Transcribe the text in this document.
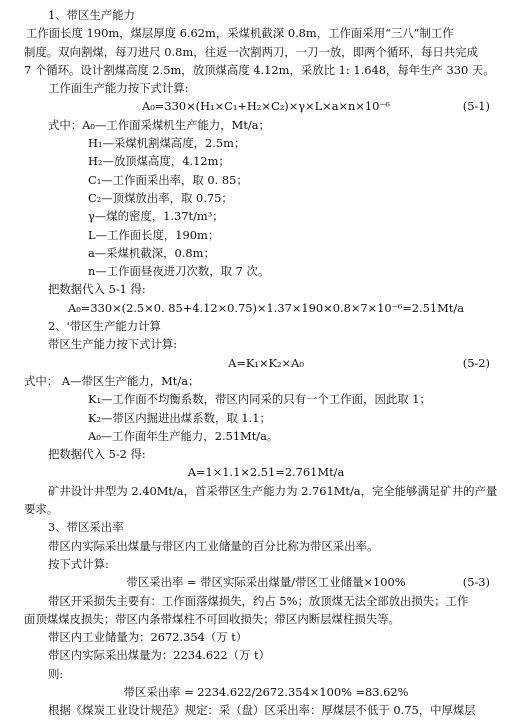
1、带区生产能力
工作面长度 190m，煤层厚度 6.62m，采煤机截深 0.8m，工作面采用“三八”制工作
制度。双向割煤，每刀进尺 0.8m，往返一次割两刀，一刀一放，即两个循环，每日共完成
7 个循环。设计割煤高度 2.5m，放顶煤高度 4.12m，采放比 1: 1.648，每年生产 330 天。
工作面生产能力按下式计算:
A₀=330×(H₁×C₁+H₂×C₂)×γ×L×a×n×10⁻⁶	(5-1)
式中：A₀—工作面采煤机生产能力，Mt/a；
H₁—采煤机割煤高度，2.5m；
H₂—放顶煤高度，4.12m；
C₁—工作面采出率，取 0. 85；
C₂—顶煤放出率，取 0.75；
γ—煤的密度，1.37t/m³；
L—工作面长度，190m；
a—采煤机截深，0.8m；
n—工作面昼夜进刀次数，取 7 次。
把数据代入 5-1 得:
A₀=330×(2.5×0. 85+4.12×0.75)×1.37×190×0.8×7×10⁻⁶=2.51Mt/a
2、'带区生产能力计算
带区生产能力按下式计算:
A=K₁×K₂×A₀	(5-2)
式中： A—带区生产能力，Mt/a；
K₁—工作面不均衡系数，带区内同采的只有一个工作面，因此取 1；
K₂—带区内掘进出煤系数，取 1.1；
A₀—工作面年生产能力，2.51Mt/a。
把数据代入 5-2 得:
A=1×1.1×2.51=2.761Mt/a
矿井设计井型为 2.40Mt/a，首采带区生产能力为 2.761Mt/a，完全能够满足矿井的产量
要求。
3、带区采出率
带区内实际采出煤量与带区内工业储量的百分比称为带区采出率。
按下式计算:
带区采出率 = 带区实际采出煤量/带区工业储量×100%	(5-3)
带区开采损失主要有：工作面落煤损失，约占 5%；放顶煤无法全部放出损失；工作
面顶煤煤皮损失；带区内条带煤柱不可回收损失；带区内断层煤柱损失等。
带区内工业储量为：2672.354（万 t）
带区内实际采出煤量为：2234.622（万 t）
则:
带区采出率 = 2234.622/2672.354×100% =83.62%
根据《煤炭工业设计规范》规定：采（盘）区采出率：厚煤层不低于 0.75，中厚煤层
